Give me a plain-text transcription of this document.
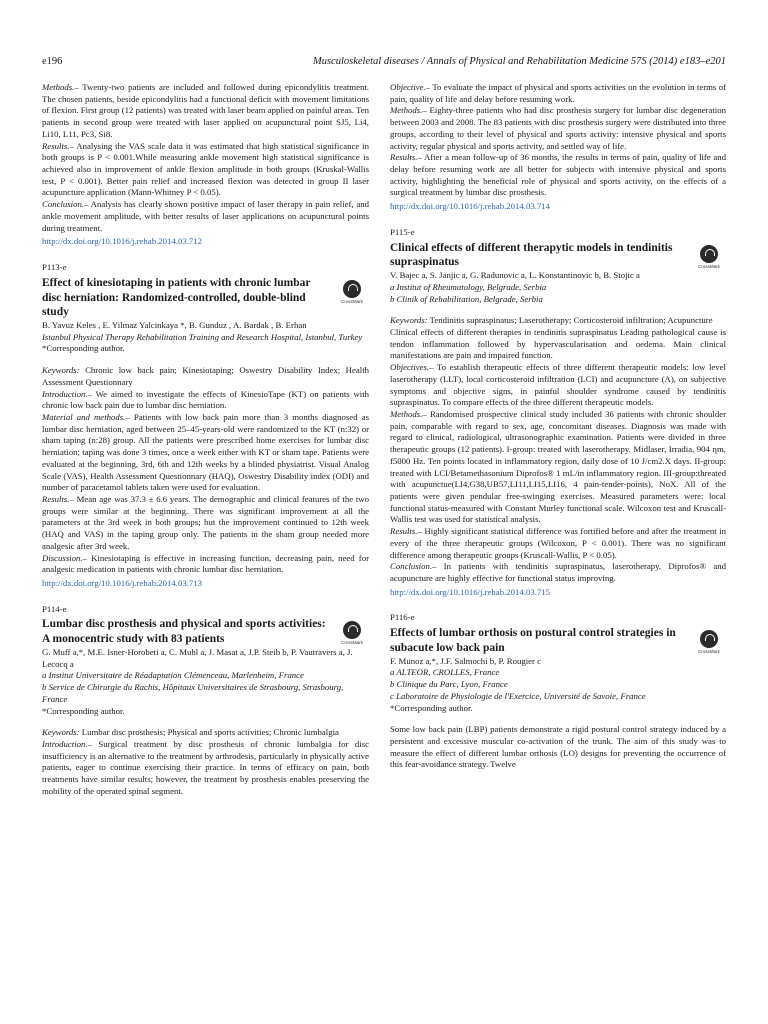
e196	Musculoskeletal diseases / Annals of Physical and Rehabilitation Medicine 57S (2014) e183–e201

Methods.– Twenty-two patients are included and followed during epicondylitis treatment. The chosen patients, beside epicondylitis had a functional deficit with movement limitations of flexion. First group (12 patients) was treated with laser beam applied on painful areas. Ten patients in second group were treated with laser applied on acupunctural point SJ5, Li4, Li10, L11, Pc3, Si8.

Results.– Analysing the VAS scale data it was estimated that high statistical significance in both groups is P < 0.001.While measuring ankle movement high statistical significance is achieved also in improvement of ankle flexion amplitude in both groups (Kruskal-Wallis test, P < 0.001). Better pain relief and increased flexion was detected in group II laser acupuncture application (Mann-Whitney P < 0.05).

Conclusion.– Analysis has clearly shown positive impact of laser therapy in pain relief, and ankle movement amplitude, with better results of laser applications on acupunctural points during treatment.

http://dx.doi.org/10.1016/j.rehab.2014.03.712

P113-e
Effect of kinesiotaping in patients with chronic lumbar disc herniation: Randomized-controlled, double-blind study
CrossMark

B. Yavuz Keles , E. Yilmaz Yalcinkaya *, B. Gunduz , A. Bardak , B. Erhan

Istanbul Physical Therapy Rehabilitation Training and Research Hospital, Istanbul, Turkey

*Corresponding author.

Keywords: Chronic low back pain; Kinesiotaping; Oswestry Disability Index; Health Assessment Questionnary

Introduction.– We aimed to investigate the effects of KinesioTape (KT) on patients with chronic low back pain due to lumbar disc herniation.

Material and methods.– Patients with low back pain more than 3 months diagnosed as lumbar disc herniation, aged between 25–45-years-old were randomized to the KT (n:32) or sham taping (n:28) group. All the patients were prescribed home exercises for lumbar disc herniation; taping was done 3 times, once a week either with KT or sham tape. Patients were evaluated at the beginning, 3rd, 6th and 12th weeks by a blinded physiatrist. Visual Analog Scale (VAS), Health Assessment Questionnary (HAQ), Oswestry Disability index (ODI) and number of paracetamol tablets taken were used for evaluation.

Results.– Mean age was 37.3 ± 6.6 years. The demographic and clinical features of the two groups were similar at the beginning. There was significant improvement at all the parameters at the 3rd week in both groups; but the improvement continued to 12th week (HAQ and VAS) in the taping group only. The patients in the sham group needed more analgesic after 3rd week.

Discussion.– Kinesiotaping is effective in increasing function, decreasing pain, need for analgesic medication in patients with chronic lumbar disc herniation.

http://dx.doi.org/10.1016/j.rehab.2014.03.713

P114-e
Lumbar disc prosthesis and physical and sports activities: A monocentric study with 83 patients	CrossMark

G. Muff a,*, M.E. Isner-Horobeti a, C. Muhl a, J. Masat a, J.P. Steib b, P. Vautravers a, J. Lecocq a

a Institut Universitaire de Réadaptation Clémenceau, Marlenheim, France

b Service de Chirurgie du Rachis, Hôpitaux Universitaires de Strasbourg, Strasbourg, France

*Corresponding author.

Keywords: Lumbar disc prosthesis; Physical and sports activities; Chronic lumbalgia

Introduction.– Surgical treatment by disc prosthesis of chronic lumbalgia for disc insufficiency is an alternative to the treatment by arthrodesis, particularly in physically active patients, eager to continue exercising their practice. In terms of efficacy on pain, both treatments have similar results; however, the treatment by prosthesis enables preserving the mobility of the operated spinal segment.

Objective.– To evaluate the impact of physical and sports activities on the evolution in terms of pain, quality of life and delay before resuming work.

Methods.– Eighty-three patients who had disc prosthesis surgery for lumbar disc degeneration between 2003 and 2008. The 83 patients with disc prosthesis surgery were distributed into three groups, according to their level of physical and sports activity: intensive physical and sports activity, regular physical and sports activity, and settled way of life.

Results.– After a mean follow-up of 36 months, the results in terms of pain, quality of life and delay before resuming work are all better for subjects with intensive physical and sports activity, highlighting the beneficial role of physical and sports activity, on the effects of a surgical treatment by lumbar disc prosthesis.

http://dx.doi.org/10.1016/j.rehab.2014.03.714

P115-e
Clinical effects of different therapytic models in tendinitis supraspinatus	CrossMark

V. Bajec a, S. Janjic a, G. Radunovic a, L. Konstantinovic b, B. Stojic a

a Institut of Rheumatology, Belgrade, Serbia

b Clinik of Rehabilitation, Belgrade, Serbia

Keywords: Tendinitis supraspinatus; Laserotherapy; Corticosteroid infiltration; Acupuncture

Clinical effects of different therapies in tendinitis supraspinatus Leading pathological cause is tendon inflammation followed by hypervascularisation and oedema. Main clinical manifestations are pain and impaired function.

Objectives.– To establish therapeutic effects of three different therapeutic models: low level laserotherapy (LLT), local corticosteroid infiltration (LCI) and acupuncture (A), on subjective symptoms and objective signs, in painful shoulder syndrome caused by tendinitis supraspinatus. To compare effects of the three different therapeutic models.

Methods.– Randomised prospective clinical study included 36 patients with chronic shoulder pain, comparable with regard to sex, age, concomitant diseases. Diagnosis was made with regard to clinical, radiological, ultrasonographic examination. Patients were divided in three therapeutic groups (12 patients). I-group: treated with laserotherapy. Midlaser, Irradia, 904 ηm, f5000 Hz. Ten points located in inflammatory region, daily dose of 10 J/cm2.X days. II-group: treated with LCI/Betamethasonium Diprofos® 1 mL/in inflammatory region. III-group:threated with acupunctue(LI4,G38,UB57,LI11,LI15,LI16, 4 pain-tender-points), NoX. All of the patients were given pendular free-swinging exercises. Measured parameters were: local functional status-measured with Constant Murley functional scale. Wilcoxon test and Kruscall-Wallis test was used for statistical analysis.

Results.– Highly significant statistical difference was fortified before and after the treatment in every of the three therapeutic groups (Wilcoxon, P < 0.001). There was no significant difference among therapeutic groups (Kruscall-Wallis, P < 0.05).

Conclusion.– In patients with tendinitis supraspinatus, laserotherapy, Diprofos® and acupuncture are highly effective for functional status improving.

http://dx.doi.org/10.1016/j.rehab.2014.03.715

P116-e
Effects of lumbar orthosis on postural control strategies in subacute low back pain	CrossMark

F. Munoz a,*, J.F. Salmochi b, P. Rougier c

a ALTEOR, CROLLES, France

b Clinique du Parc, Lyon, France

c Laboratoire de Physiologie de l'Exercice, Université de Savoie, France

*Corresponding author.

Some low back pain (LBP) patients demonstrate a rigid postural control strategy induced by a persistent and excessive muscular co-activation of the trunk. The aim of this study was to measure the effect of different lumbar orthosis (LO) designs for preventing the occurrence of this fear-avoidance strategy. Twelve
